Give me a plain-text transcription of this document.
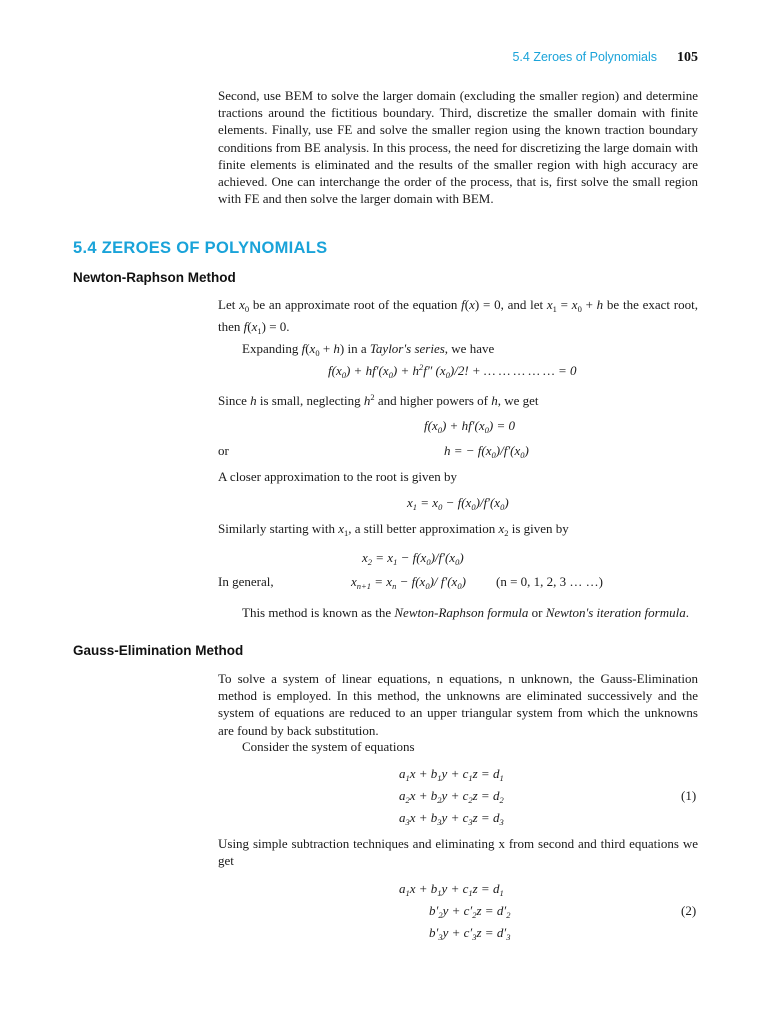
5.4 Zeroes of Polynomials 105
Second, use BEM to solve the larger domain (excluding the smaller region) and determine tractions around the fictitious boundary. Third, discretize the smaller domain with finite elements. Finally, use FE and solve the smaller region using the known traction boundary conditions from BE analysis. In this process, the need for discretizing the large domain with finite elements is eliminated and the results of the smaller region with high accuracy are achieved. One can interchange the order of the process, that is, first solve the small region with FE and then solve the larger domain with BEM.
5.4 ZEROES OF POLYNOMIALS
Newton-Raphson Method
Let $x_0$ be an approximate root of the equation f(x) = 0, and let $x_1 = x_0 + h$ be the exact root, then $f(x_1) = 0$.
Expanding $f(x_0 + h)$ in a Taylor's series, we have
$f(x_0) + hf'(x_0) + h^2f''$ $(x_0)/2$! + … … … … … = 0
Since h is small, neglecting $h^2$ and higher powers of h, we get
$f(x_0) + hf'(x_0) = 0$
or	h = − $f(x_0)/f'(x_0)$
A closer approximation to the root is given by
$x_1 = x_0 - f(x_0)/f'(x_0)$
Similarly starting with $x_1$, a still better approximation $x_2$ is given by
$x_2 = x_1 - f(x_0)/f'(x_0)$
In general,	$x_{n+1} = x_n - f(x_0)/$ $f'(x_0) (n = 0$, 1, 2, 3 … …)
This method is known as the Newton-Raphson formula or Newton's iteration formula.
Gauss-Elimination Method
To solve a system of linear equations, n equations, n unknown, the Gauss-Elimination method is employed. In this method, the unknowns are eliminated successively and the system of equations are reduced to an upper triangular system from which the unknowns are found by back substitution.
Consider the system of equations
$a_1x + b_1y + c_1z = d_1$
$a_2x + b_2y + c_2z = d_2$
$a_3x + b_3y + c_3z = d_3$
(1)
Using simple subtraction techniques and eliminating x from second and third equations we get
$a_1x + b_1y + c_1z = d_1$
$b'_2y + c'_2z = d'_2$
$b'_3y + c'_3z = d'_3$
(2)
